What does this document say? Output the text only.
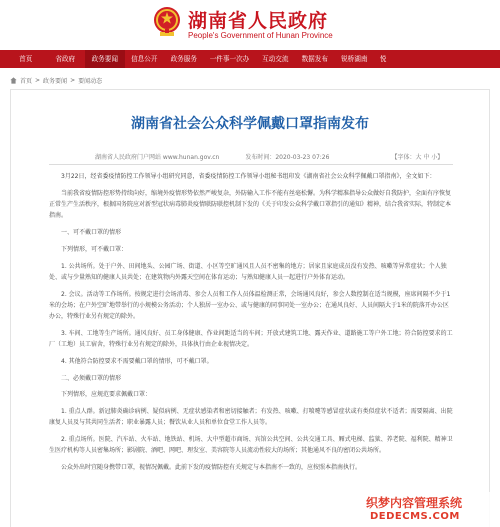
湖南省人民政府
People's Government of Hunan Province
首页	省政府	政务要闻	信息公开	政务服务	一件事一次办	互动交流	数据发布	锐桥湖南	悦
首页 > 政务要闻 > 要闻动态
湖南省社会公众科学佩戴口罩指南发布
湖南省人民政府门户网站 www.hunan.gov.cn	发布时间：2020-03-23 07:26	【字体：大 中 小】

3月22日，经省委疫情防控工作领导小组研究同意，省委疫情防控工作领导小组秘书组印发《湖南省社会公众科学佩戴口罩指南》，全文如下：

当前我省疫情防控形势持续向好，缩境外疫情形势依然严峻复杂，外防输入工作不能有丝毫松懈。为科学精准指导公众做好自我防护，全面有序恢复正常生产生活秩序，根据国务院应对新型冠状病毒肺炎疫情联防联控机制下发的《关于印发公众科学戴口罩指引的通知》精神，结合我省实际，特制定本指南。

一、可不戴口罩的情形

下列情形，可不戴口罩：

1. 公共场所。处于户外、田间地头、公园广场、街道、小区等空旷通风且人员不密集的地方；居家且家庭成员没有发热、咳嗽等异常症状；个人独处、或与少量熟知的健康人员共处；在建筑物内外露天空间在体育运动；与熟知健康人员一起进行户外体育运动。

2. 会议。活动等工作场所。按规定进行会场消毒、参会人员和工作人员体温检测正常，会场通风良好，参会人数控制在适当规模，座席间隔不少于1米的会场；在户外空旷地带举行的小规模公务活动；个人独居一室办公、或与健康的同事同处一室办公；在通风良好、人员间隔大于1米的院落开办公区办公，特殊行业另有规定的除外。

3. 车间、工地等生产场所。通风良好、员工身体健康、作业间距适当的车间；开放式建筑工地、露天作业、道路施工等户外工地；符合防控要求的工厂（工地）员工宿舍，特殊行业另有规定的除外，具体执行由企业视情决定。

4. 其他符合防控要求不需要戴口罩的情形，可不戴口罩。

二、必须戴口罩的情形

下列情形，应规范要求佩戴口罩：

1. 重点人群。新冠肺炎确诊病例、疑似病例、无症状感染者和密切接触者；有发热、咳嗽、打喷嚏等感冒症状或有类似症状不适者；需要隔离、出院康复人员及与其共同生活者；职业暴露人员；餐饮从业人员和单位食堂工作人员等。

2. 重点场所。医院、汽车站、火车站、地铁站、机场、大中型超市商场、宾馆公共空间、公共交通工具、厢式电梯、监狱、养老院、福利院、精神卫生医疗机构等人员密集场所；影剧院、酒吧、网吧、理发室、美容院等人员流动性较大的场所；其他通风不良的密闭公共场所。

公众外出时宜随身携带口罩，视情况佩戴。此前下发的疫情防控有关规定与本指南不一致的，应按照本指南执行。

织梦内容管理系统
DEDECMS.COM
